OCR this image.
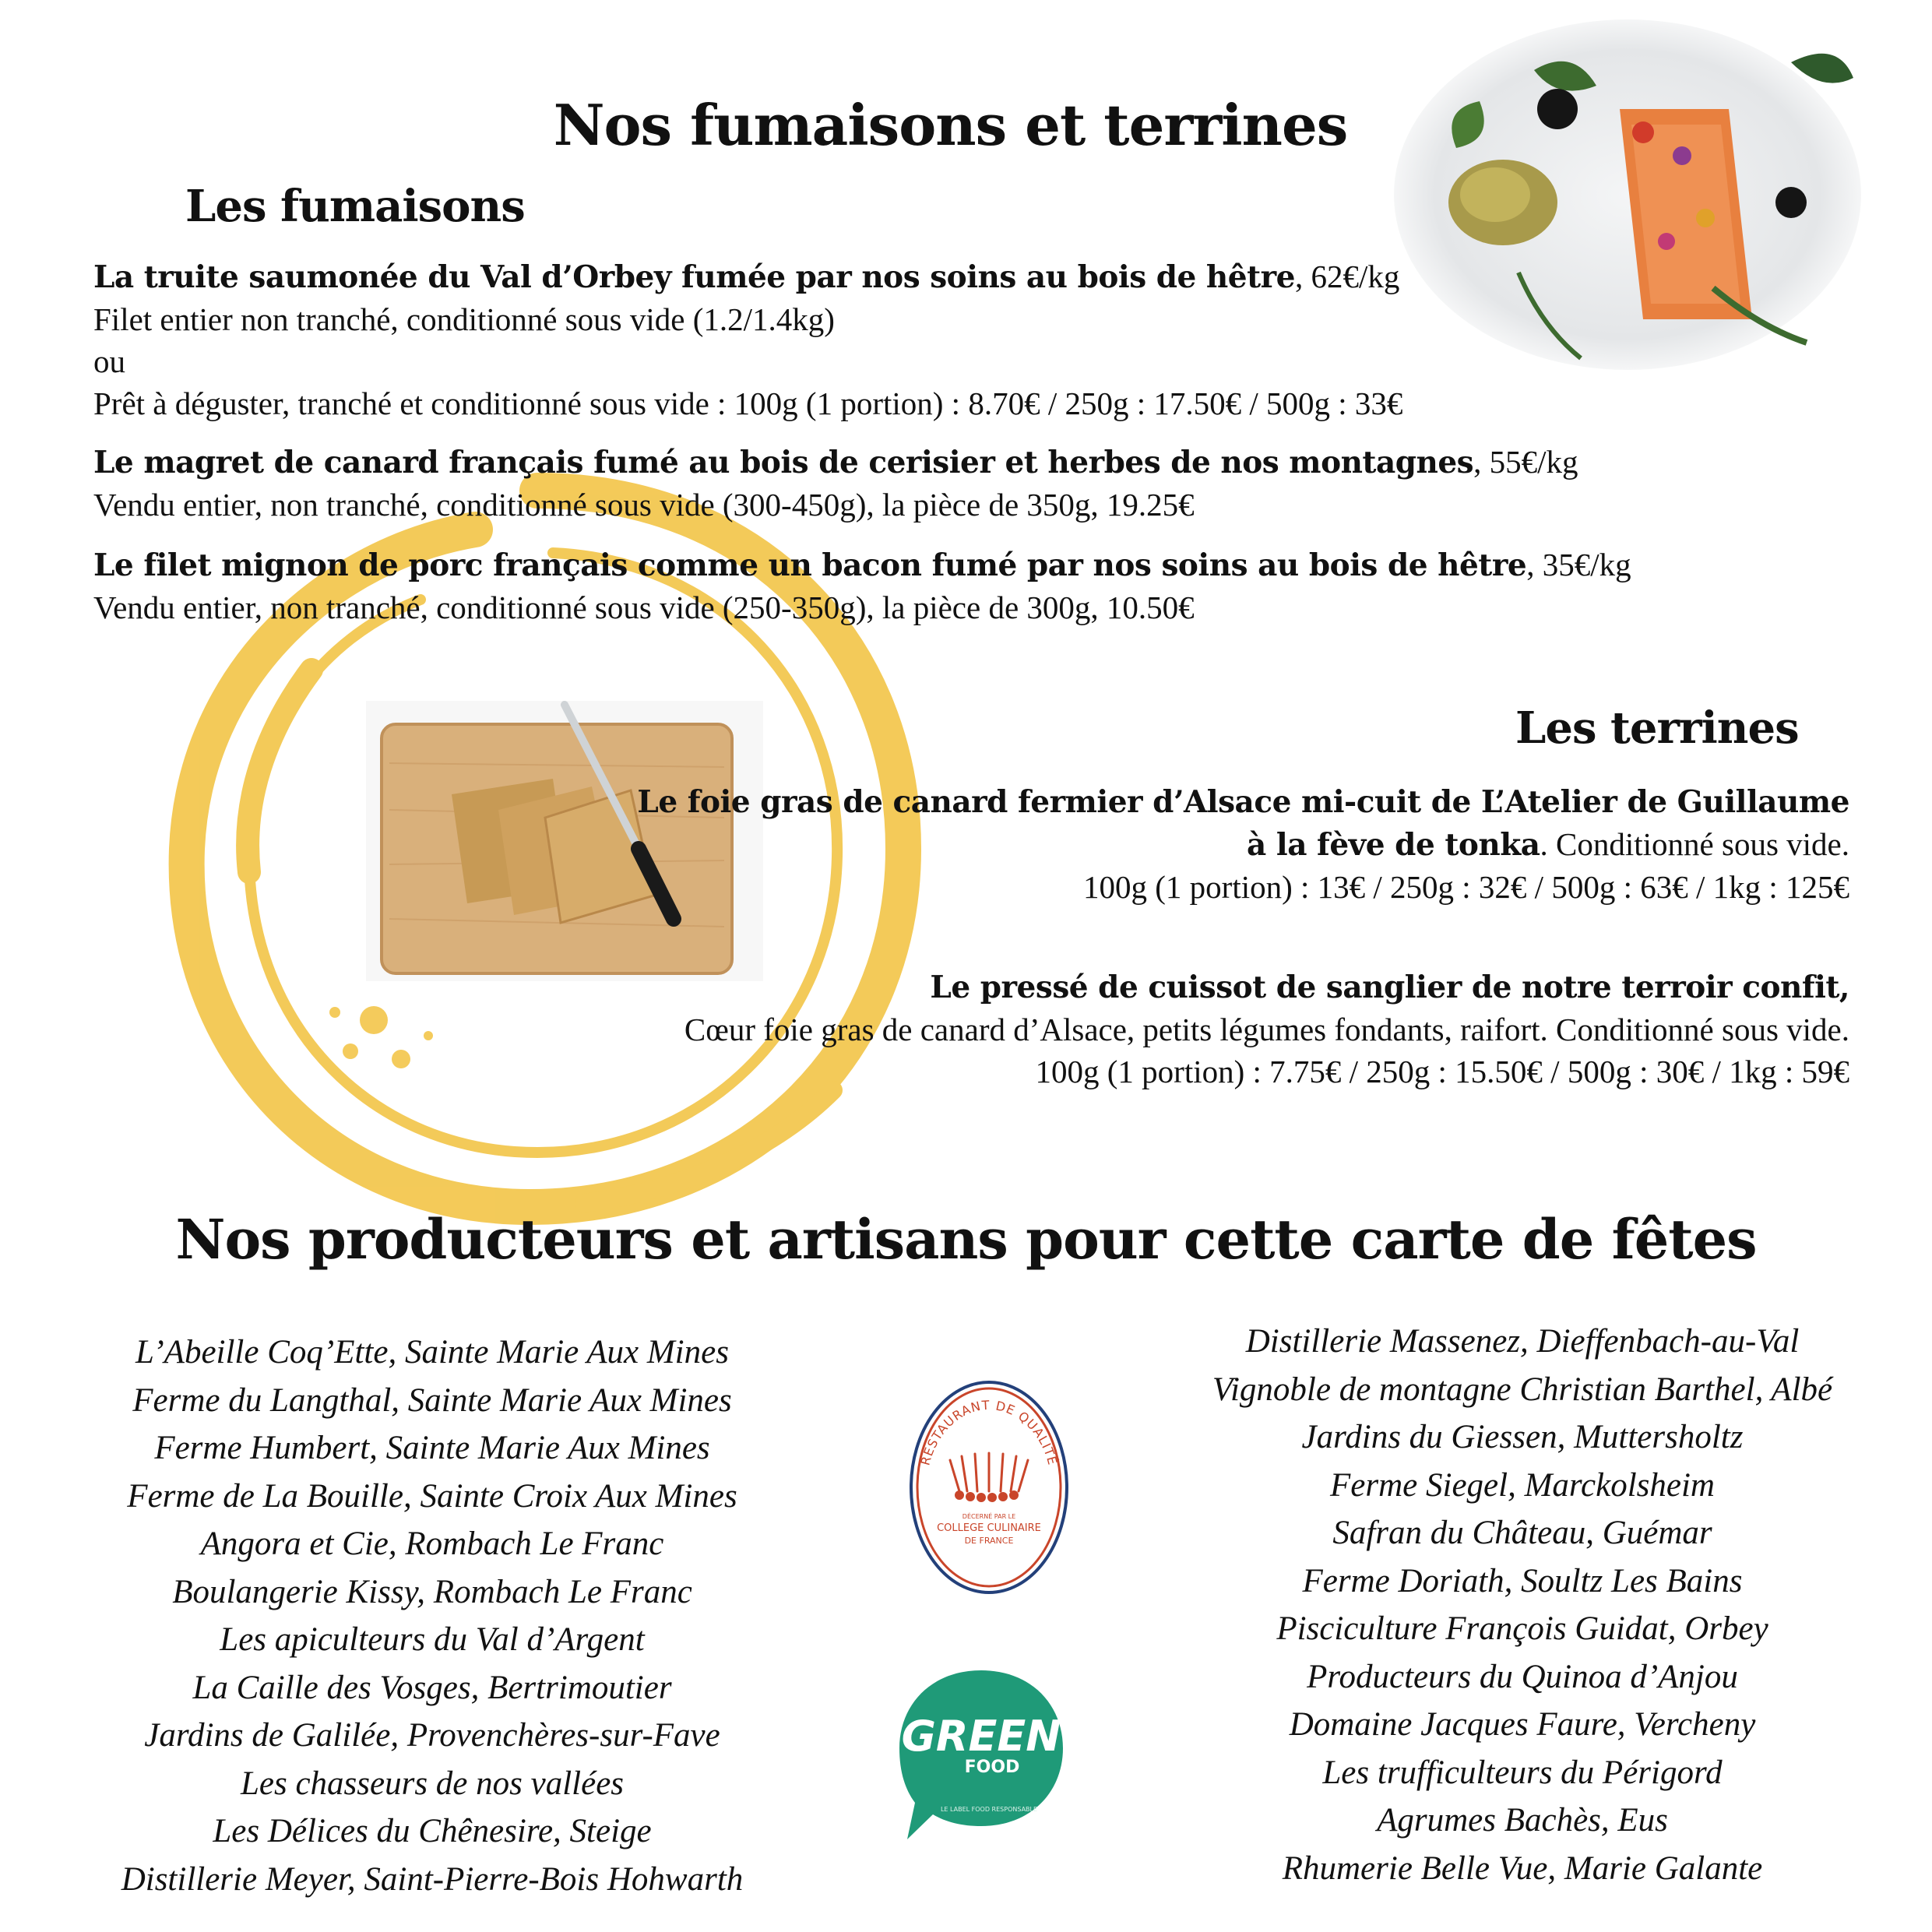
Nos fumaisons et terrines
Les fumaisons
Les terrines
La truite saumonée du Val d’Orbey fumée par nos soins au bois de hêtre, 62€/kg
Filet entier non tranché, conditionné sous vide (1.2/1.4kg)
ou
Prêt à déguster, tranché et conditionné sous vide : 100g (1 portion) : 8.70€ / 250g : 17.50€ / 500g : 33€
Le magret de canard français fumé au bois de cerisier et herbes de nos montagnes, 55€/kg
Vendu entier, non tranché, conditionné sous vide (300-450g), la pièce de 350g, 19.25€
Le filet mignon de porc français comme un bacon fumé par nos soins au bois de hêtre, 35€/kg
Vendu entier, non tranché, conditionné sous vide (250-350g), la pièce de 300g, 10.50€
Le foie gras de canard fermier d’Alsace mi-cuit de L’Atelier de Guillaume
à la fève de tonka. Conditionné sous vide.
100g (1 portion) : 13€ / 250g : 32€ / 500g : 63€ / 1kg : 125€
Le pressé de cuissot de sanglier de notre terroir confit,
Cœur foie gras de canard d’Alsace, petits légumes fondants, raifort. Conditionné sous vide.
100g (1 portion) : 7.75€ / 250g : 15.50€ / 500g : 30€ / 1kg : 59€
Nos producteurs et artisans pour cette carte de fêtes
L’Abeille Coq’Ette, Sainte Marie Aux Mines
Ferme du Langthal, Sainte Marie Aux Mines
Ferme Humbert, Sainte Marie Aux Mines
Ferme de La Bouille, Sainte Croix Aux Mines
Angora et Cie, Rombach Le Franc
Boulangerie Kissy, Rombach Le Franc
Les apiculteurs du Val d’Argent
La Caille des Vosges, Bertrimoutier
Jardins de Galilée, Provenchères-sur-Fave
Les chasseurs de nos vallées
Les Délices du Chênesire, Steige
Distillerie Meyer, Saint-Pierre-Bois Hohwarth
Distillerie Massenez, Dieffenbach-au-Val
Vignoble de montagne Christian Barthel, Albé
Jardins du Giessen, Muttersholtz
Ferme Siegel, Marckolsheim
Safran du Château, Guémar
Ferme Doriath, Soultz Les Bains
Pisciculture François Guidat, Orbey
Producteurs du Quinoa d’Anjou
Domaine Jacques Faure, Vercheny
Les trufficulteurs du Périgord
Agrumes Bachès, Eus
Rhumerie Belle Vue, Marie Galante
RESTAURANT DE QUALITÉ
DÉCERNÉ PAR LE
COLLEGE CULINAIRE
DE FRANCE
GREEN
FOOD
LE LABEL FOOD RESPONSABLE
